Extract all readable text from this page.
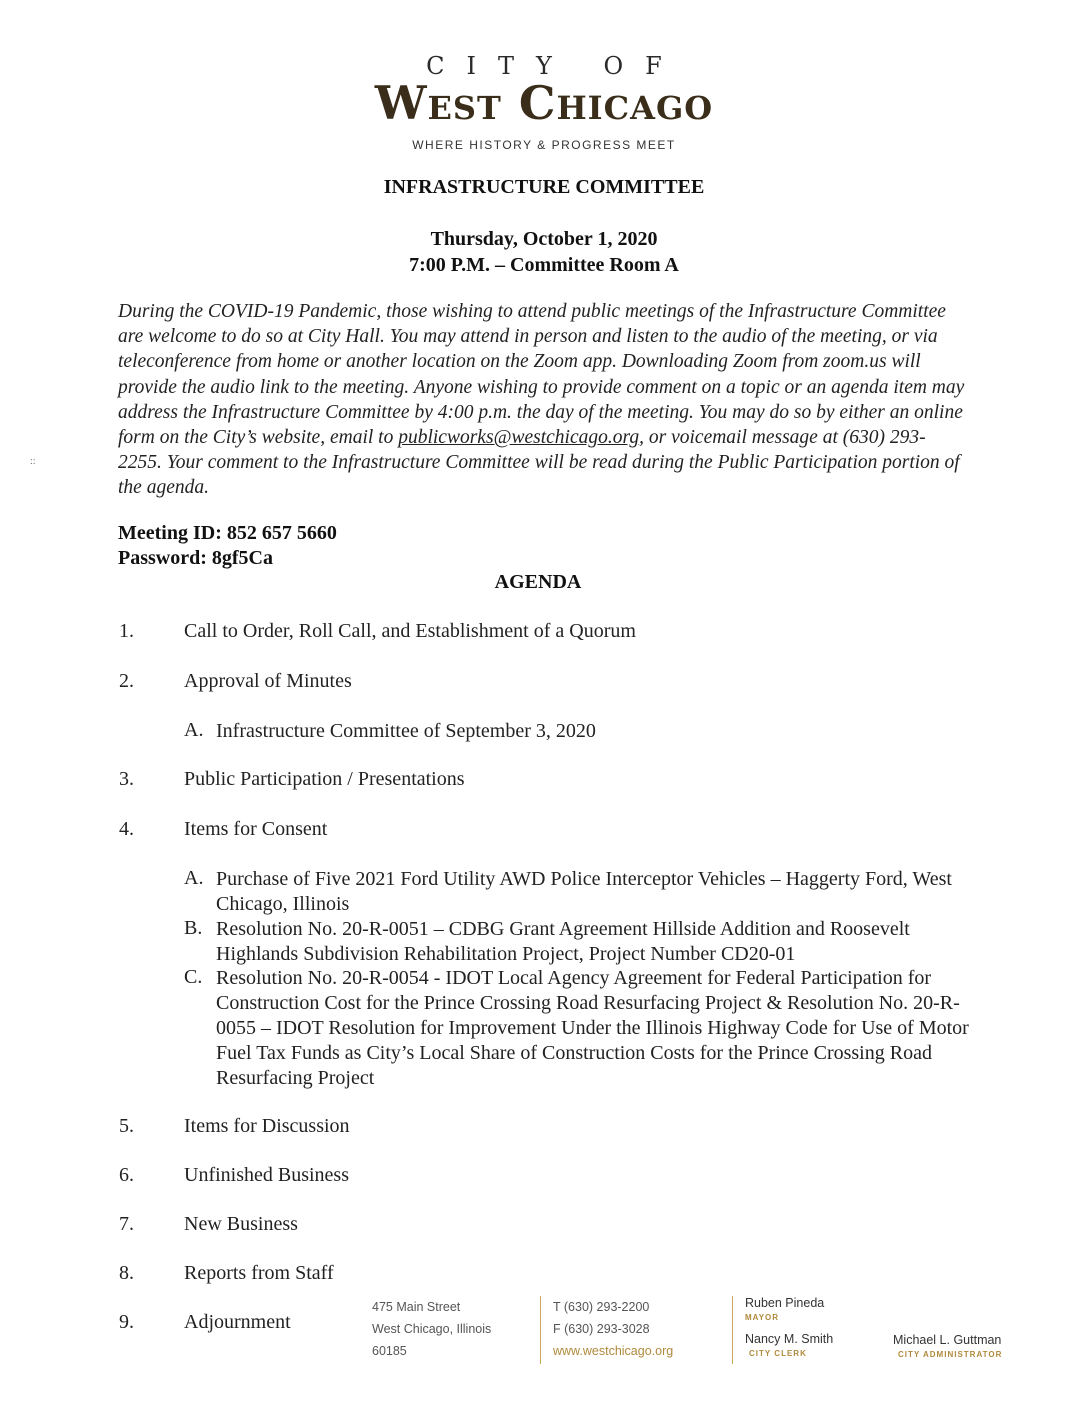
CITY OF
West Chicago
WHERE HISTORY & PROGRESS MEET
INFRASTRUCTURE COMMITTEE
Thursday, October 1, 2020
7:00 P.M. – Committee Room A
During the COVID-19 Pandemic, those wishing to attend public meetings of the Infrastructure Committee are welcome to do so at City Hall. You may attend in person and listen to the audio of the meeting, or via teleconference from home or another location on the Zoom app. Downloading Zoom from zoom.us will provide the audio link to the meeting. Anyone wishing to provide comment on a topic or an agenda item may address the Infrastructure Committee by 4:00 p.m. the day of the meeting. You may do so by either an online form on the City’s website, email to publicworks@westchicago.org, or voicemail message at (630) 293-2255. Your comment to the Infrastructure Committee will be read during the Public Participation portion of the agenda.
::
Meeting ID: 852 657 5660
Password: 8gf5Ca
AGENDA
1.	Call to Order, Roll Call, and Establishment of a Quorum
2.	Approval of Minutes
A. Infrastructure Committee of September 3, 2020
3.	Public Participation / Presentations
4.	Items for Consent
A. Purchase of Five 2021 Ford Utility AWD Police Interceptor Vehicles – Haggerty Ford, West Chicago, Illinois
B. Resolution No. 20-R-0051 – CDBG Grant Agreement Hillside Addition and Roosevelt Highlands Subdivision Rehabilitation Project, Project Number CD20-01
C. Resolution No. 20-R-0054 - IDOT Local Agency Agreement for Federal Participation for Construction Cost for the Prince Crossing Road Resurfacing Project & Resolution No. 20-R-0055 – IDOT Resolution for Improvement Under the Illinois Highway Code for Use of Motor Fuel Tax Funds as City’s Local Share of Construction Costs for the Prince Crossing Road Resurfacing Project
5.	Items for Discussion
6.	Unfinished Business
7.	New Business
8.	Reports from Staff
9.	Adjournment
475 Main Street
West Chicago, Illinois
60185
T (630) 293-2200
F (630) 293-3028
www.westchicago.org
Ruben Pineda
MAYOR
Nancy M. Smith
CITY CLERK
Michael L. Guttman
CITY ADMINISTRATOR
